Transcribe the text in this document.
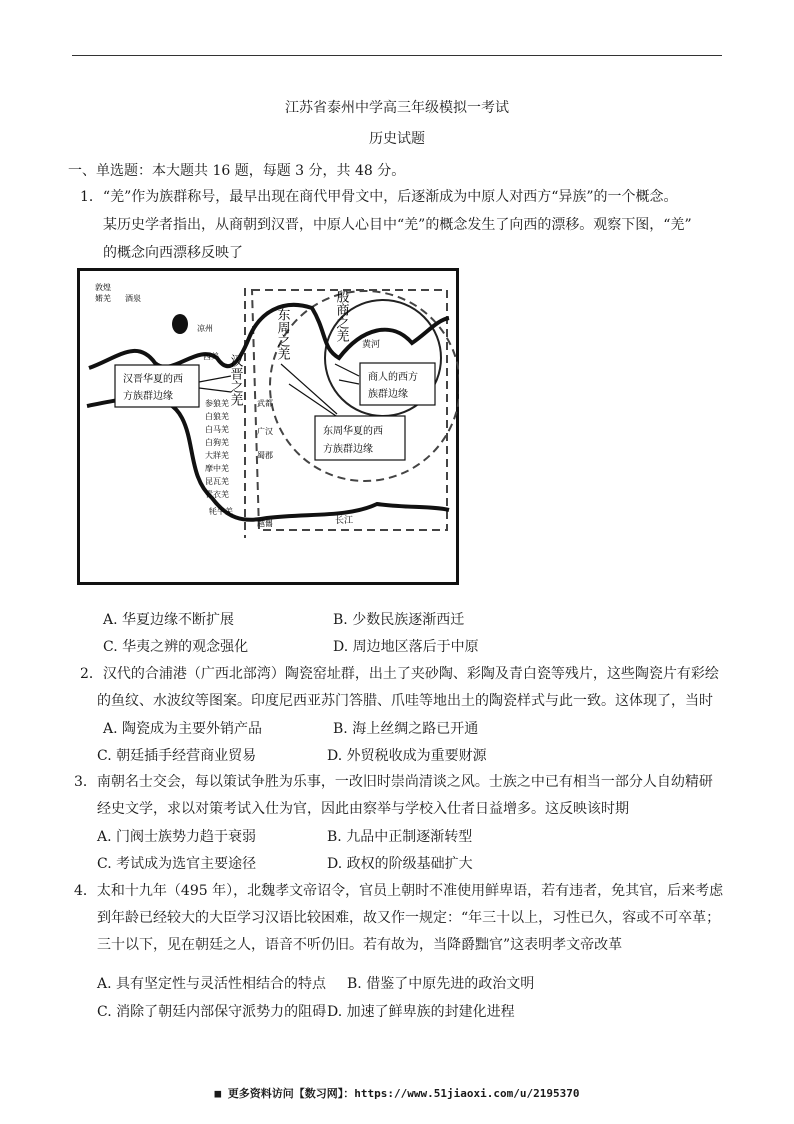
江苏省泰州中学高三年级模拟一考试
历史试题
一、单选题：本大题共 16 题，每题 3 分，共 48 分。
1．“羌”作为族群称号，最早出现在商代甲骨文中，后逐渐成为中原人对西方“异族”的一个概念。
某历史学者指出，从商朝到汉晋，中原人心目中“羌”的概念发生了向西的漂移。观察下图，“羌”
的概念向西漂移反映了
敦煌
婼羌 酒泉
凉州
西羌
武都
广汉
蜀郡
越巂
参狼羌
白狼羌
白马羌
白狗羌
大牂羌
摩中羌
昆瓦羌
青衣羌
牦牛羌
黄河
长江
汉晋之羌
东周之羌	殷商之羌
汉晋华夏的西
方族群边缘
商人的西方
族群边缘
东周华夏的西
方族群边缘
A. 华夏边缘不断扩展	B. 少数民族逐渐西迁
C. 华夷之辨的观念强化	D. 周边地区落后于中原
2．汉代的合浦港（广西北部湾）陶瓷窑址群，出土了夹砂陶、彩陶及青白瓷等残片，这些陶瓷片有彩绘
的鱼纹、水波纹等图案。印度尼西亚苏门答腊、爪哇等地出土的陶瓷样式与此一致。这体现了，当时
A. 陶瓷成为主要外销产品	B. 海上丝绸之路已开通
C. 朝廷插手经营商业贸易	D. 外贸税收成为重要财源
3．南朝名士交会，每以策试争胜为乐事，一改旧时崇尚清谈之风。士族之中已有相当一部分人自幼精研
经史文学，求以对策考试入仕为官，因此由察举与学校入仕者日益增多。这反映该时期
A. 门阀士族势力趋于衰弱	B. 九品中正制逐渐转型
C. 考试成为选官主要途径	D. 政权的阶级基础扩大
4．太和十九年（495 年），北魏孝文帝诏令，官员上朝时不准使用鲜卑语，若有违者，免其官，后来考虑
到年龄已经较大的大臣学习汉语比较困难，故又作一规定：“年三十以上，习性已久，容或不可卒革；
三十以下，见在朝廷之人，语音不听仍旧。若有故为，当降爵黜官”这表明孝文帝改革
A. 具有坚定性与灵活性相结合的特点 B. 借鉴了中原先进的政治文明
C. 消除了朝廷内部保守派势力的阻碍 D. 加速了鲜卑族的封建化进程
■ 更多资料访问【数习网】：https://www.51jiaoxi.com/u/2195370
